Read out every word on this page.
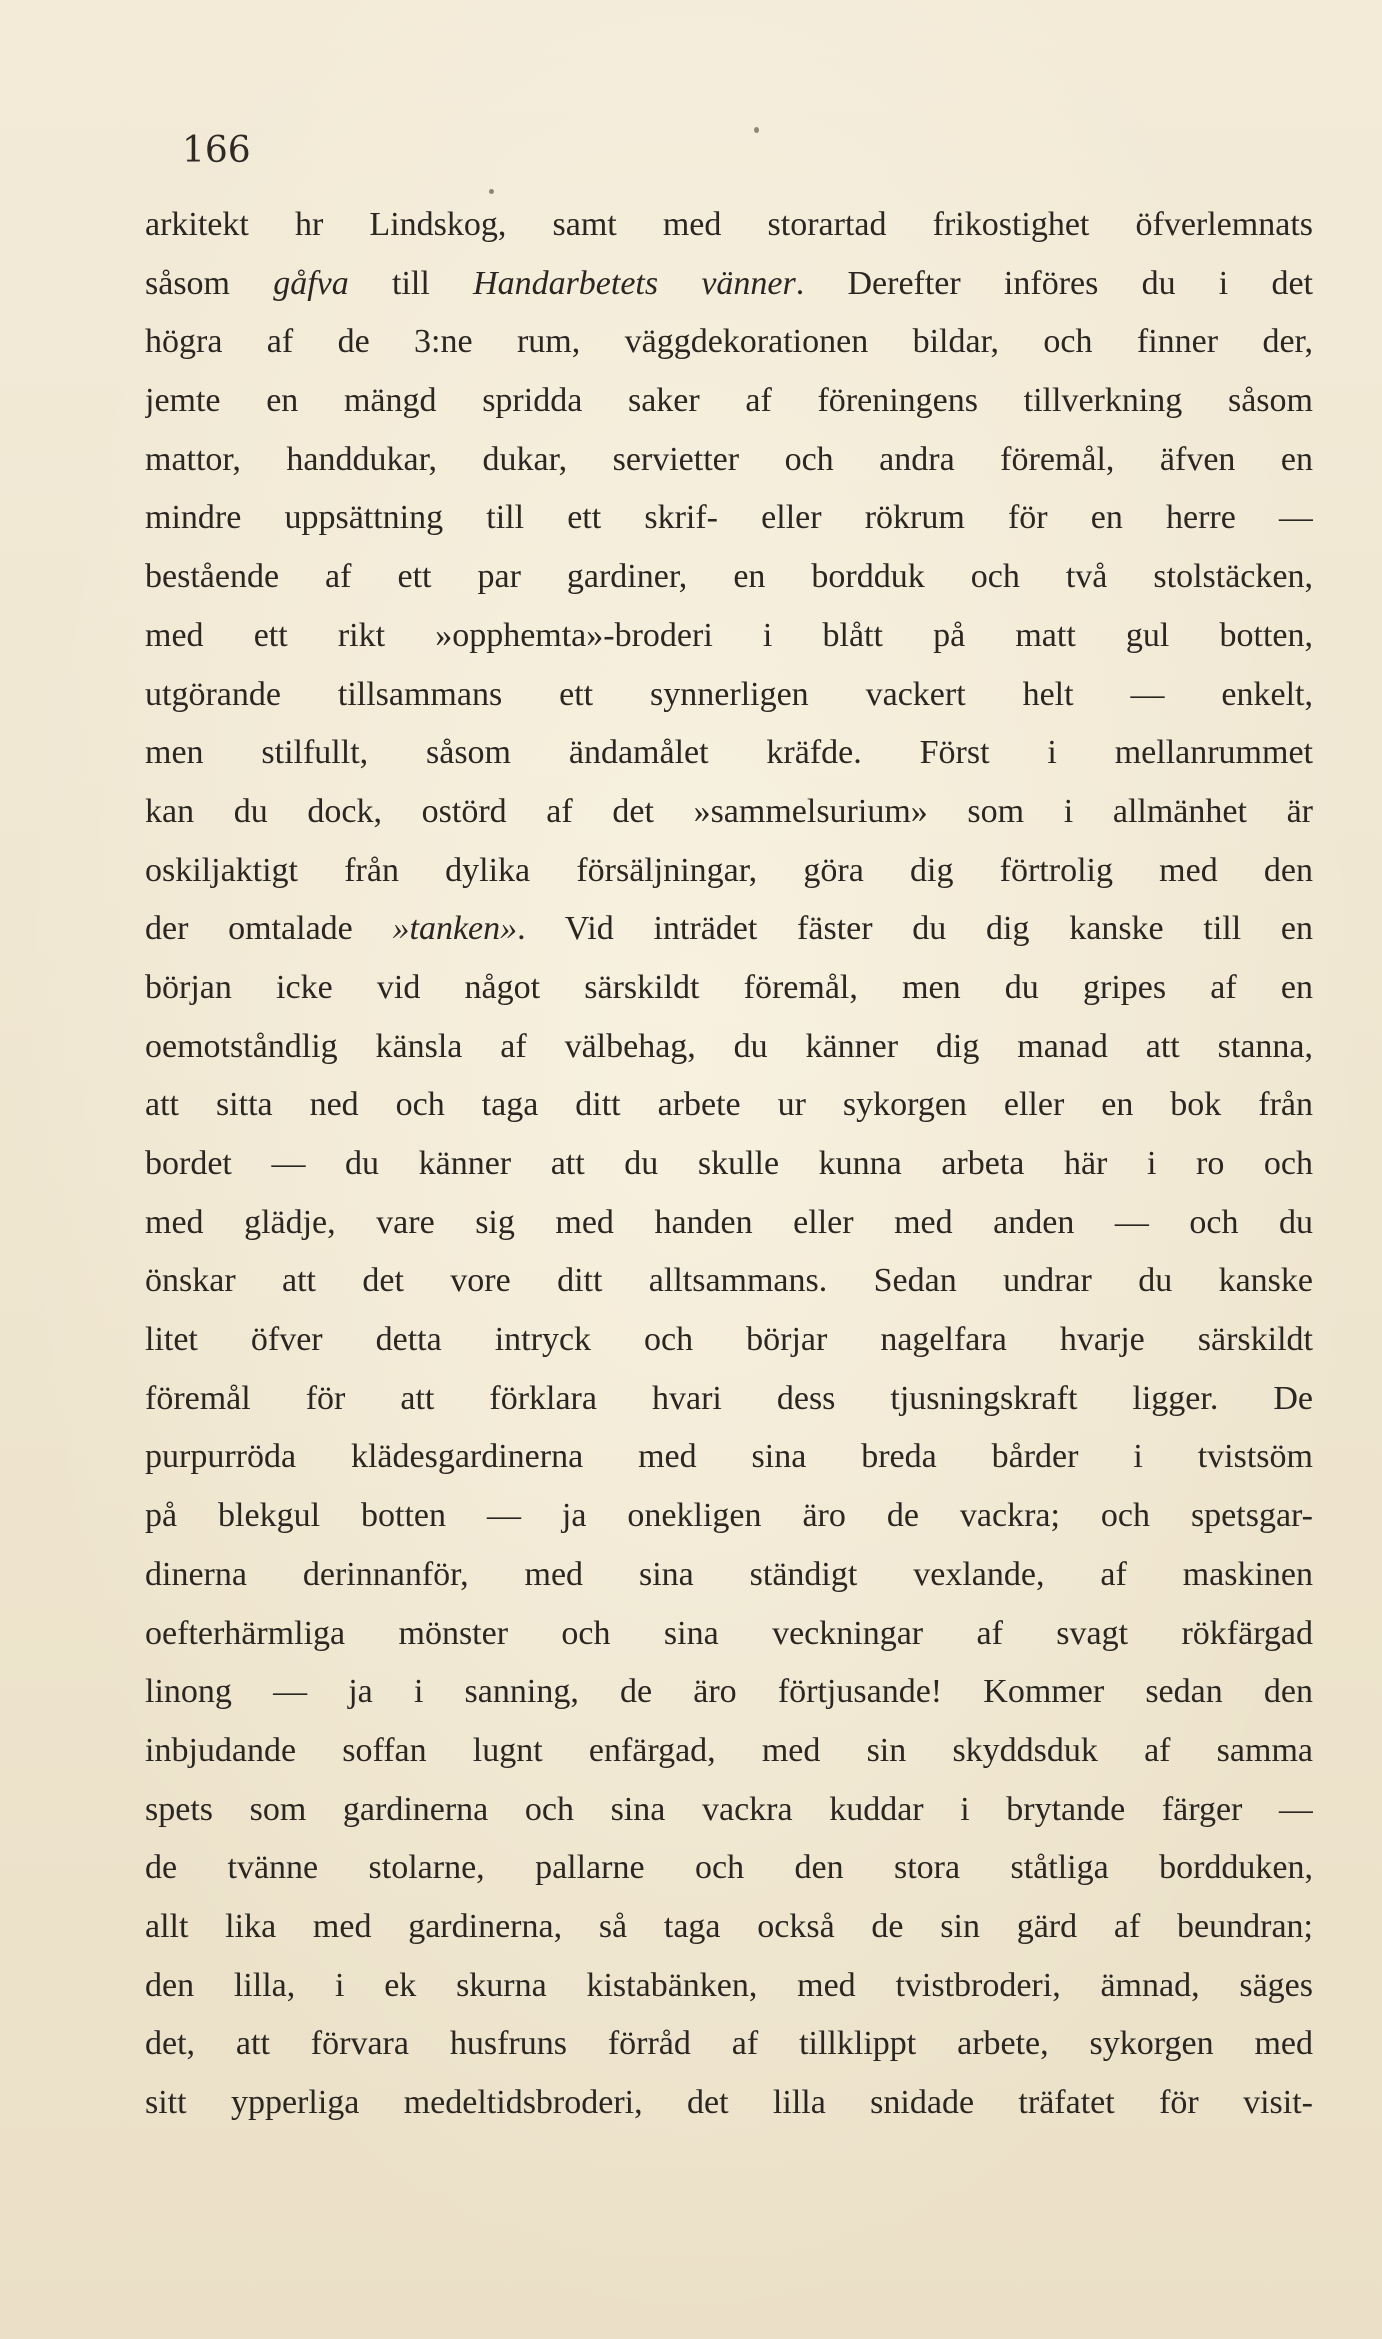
166
arkitekt hr Lindskog, samt med storartad frikostighet öfverlemnats
såsom gåfva till Handarbetets vänner. Derefter införes du i det
högra af de 3:ne rum, väggdekorationen bildar, och finner der,
jemte en mängd spridda saker af föreningens tillverkning såsom
mattor, handdukar, dukar, servietter och andra föremål, äfven en
mindre uppsättning till ett skrif- eller rökrum för en herre —
bestående af ett par gardiner, en bordduk och två stolstäcken,
med ett rikt »opphemta»-broderi i blått på matt gul botten,
utgörande tillsammans ett synnerligen vackert helt — enkelt,
men stilfullt, såsom ändamålet kräfde. Först i mellanrummet
kan du dock, ostörd af det »sammelsurium» som i allmänhet är
oskiljaktigt från dylika försäljningar, göra dig förtrolig med den
der omtalade »tanken». Vid inträdet fäster du dig kanske till en
början icke vid något särskildt föremål, men du gripes af en
oemotståndlig känsla af välbehag, du känner dig manad att stanna,
att sitta ned och taga ditt arbete ur sykorgen eller en bok från
bordet — du känner att du skulle kunna arbeta här i ro och
med glädje, vare sig med handen eller med anden — och du
önskar att det vore ditt alltsammans. Sedan undrar du kanske
litet öfver detta intryck och börjar nagelfara hvarje särskildt
föremål för att förklara hvari dess tjusningskraft ligger. De
purpurröda klädesgardinerna med sina breda bårder i tvistsöm
på blekgul botten — ja onekligen äro de vackra; och spetsgar-
dinerna derinnanför, med sina ständigt vexlande, af maskinen
oefterhärmliga mönster och sina veckningar af svagt rökfärgad
linong — ja i sanning, de äro förtjusande! Kommer sedan den
inbjudande soffan lugnt enfärgad, med sin skyddsduk af samma
spets som gardinerna och sina vackra kuddar i brytande färger —
de tvänne stolarne, pallarne och den stora ståtliga bordduken,
allt lika med gardinerna, så taga också de sin gärd af beundran;
den lilla, i ek skurna kistabänken, med tvistbroderi, ämnad, säges
det, att förvara husfruns förråd af tillklippt arbete, sykorgen med
sitt ypperliga medeltidsbroderi, det lilla snidade träfatet för visit-
